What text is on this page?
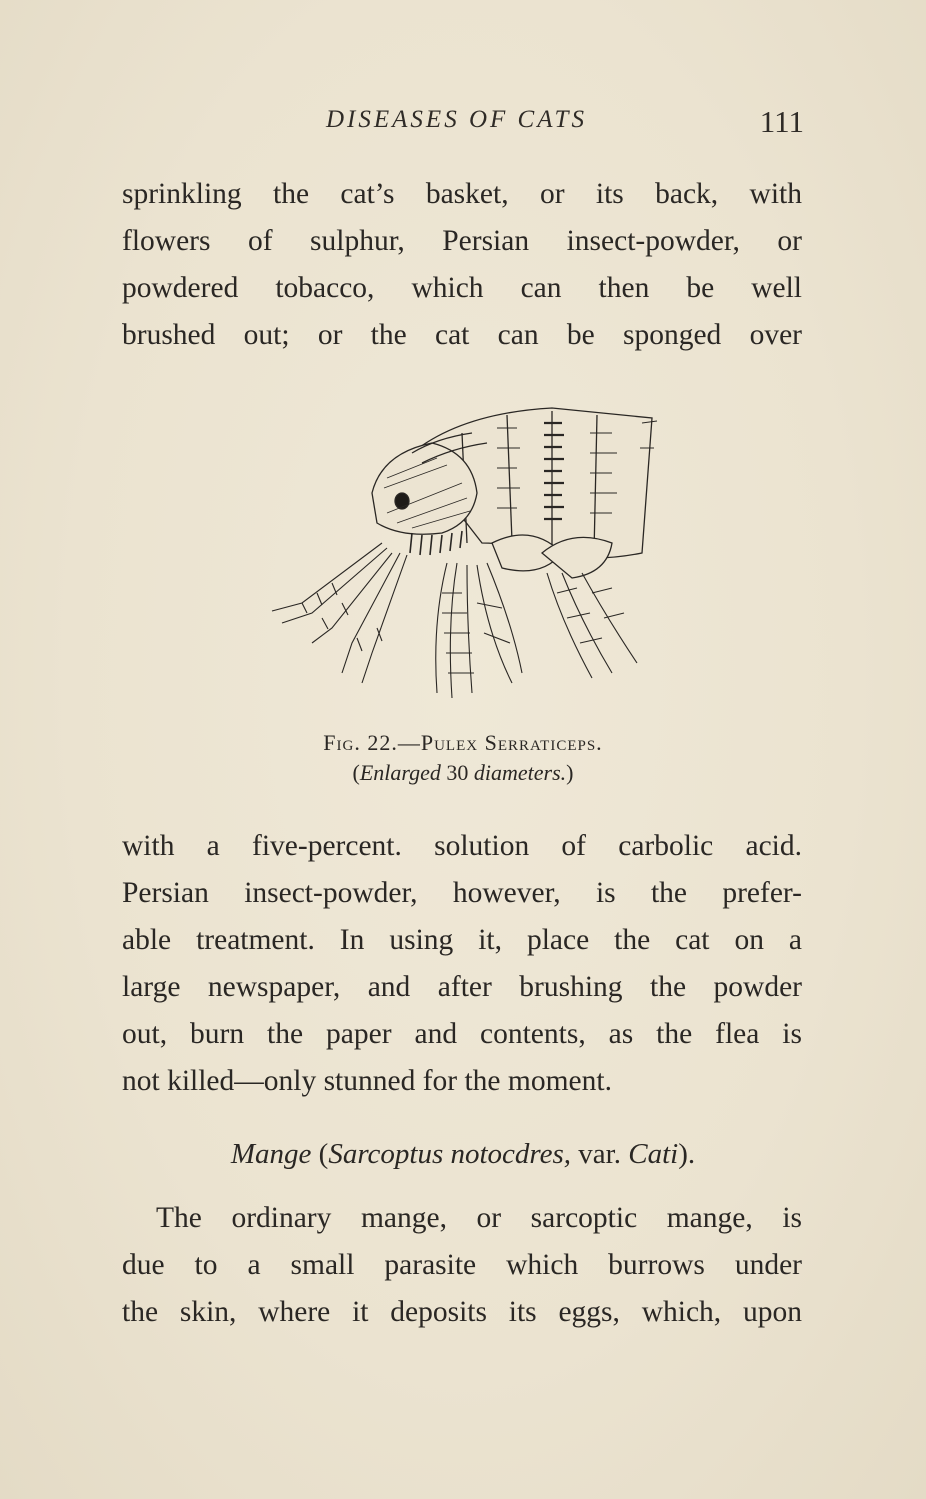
DISEASES OF CATS	111
sprinkling the cat’s basket, or its back, with
flowers of sulphur, Persian insect-powder, or
powdered tobacco, which can then be well
brushed out; or the cat can be sponged over
Fig. 22.—Pulex Serraticeps.
(Enlarged 30 diameters.)
with a five-percent. solution of carbolic acid.
Persian insect-powder, however, is the prefer-
able treatment. In using it, place the cat on a
large newspaper, and after brushing the powder
out, burn the paper and contents, as the flea is
not killed—only stunned for the moment.
Mange (Sarcoptus notocdres, var. Cati).
The ordinary mange, or sarcoptic mange, is
due to a small parasite which burrows under
the skin, where it deposits its eggs, which, upon
